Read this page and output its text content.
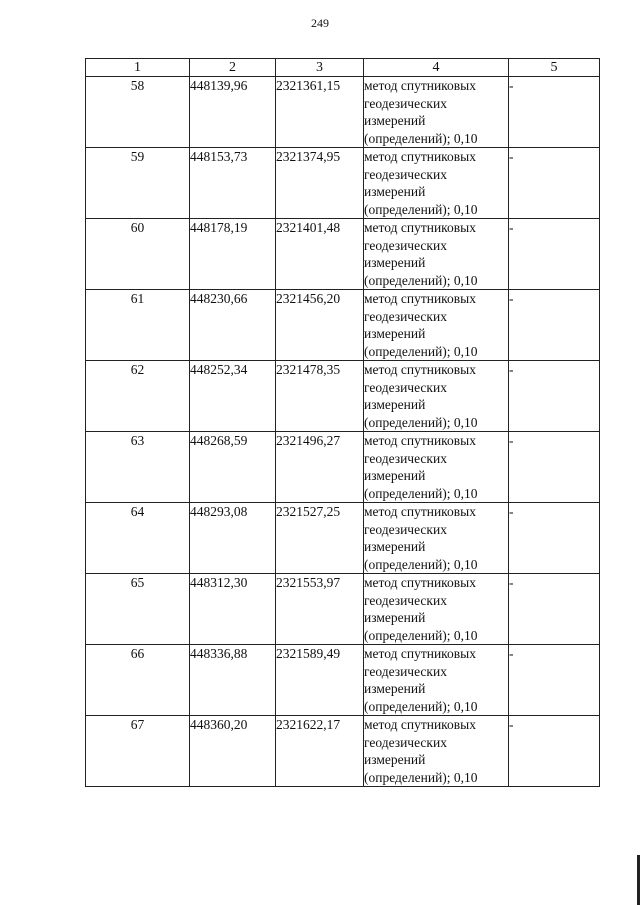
249
1	2	3	4	5
58	448139,96	2321361,15	метод спутниковых
геодезических
измерений
(определений); 0,10	-
59	448153,73	2321374,95	метод спутниковых
геодезических
измерений
(определений); 0,10	-
60	448178,19	2321401,48	метод спутниковых
геодезических
измерений
(определений); 0,10	-
61	448230,66	2321456,20	метод спутниковых
геодезических
измерений
(определений); 0,10	-
62	448252,34	2321478,35	метод спутниковых
геодезических
измерений
(определений); 0,10	-
63	448268,59	2321496,27	метод спутниковых
геодезических
измерений
(определений); 0,10	-
64	448293,08	2321527,25	метод спутниковых
геодезических
измерений
(определений); 0,10	-
65	448312,30	2321553,97	метод спутниковых
геодезических
измерений
(определений); 0,10	-
66	448336,88	2321589,49	метод спутниковых
геодезических
измерений
(определений); 0,10	-
67	448360,20	2321622,17	метод спутниковых
геодезических
измерений
(определений); 0,10	-
